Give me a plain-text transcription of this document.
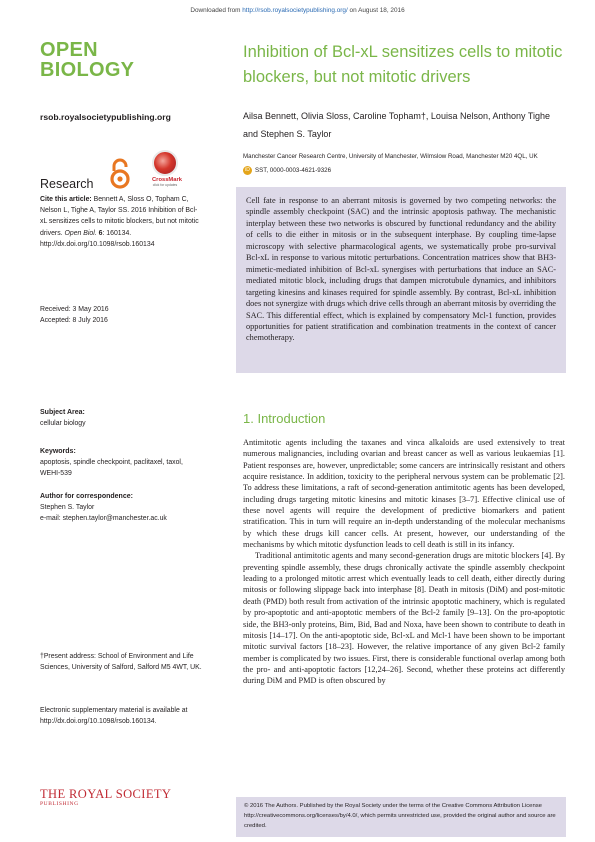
Downloaded from http://rsob.royalsocietypublishing.org/ on August 18, 2016
OPEN
BIOLOGY
rsob.royalsocietypublishing.org
Research	CrossMark
click for updates
Cite this article: Bennett A, Sloss O, Topham C, Nelson L, Tighe A, Taylor SS. 2016 Inhibition of Bcl-xL sensitizes cells to mitotic blockers, but not mitotic drivers. Open Biol. 6: 160134.
http://dx.doi.org/10.1098/rsob.160134
Received: 3 May 2016
Accepted: 8 July 2016
Subject Area:
cellular biology
Keywords:
apoptosis, spindle checkpoint, paclitaxel, taxol, WEHI-539
Author for correspondence:
Stephen S. Taylor
e-mail: stephen.taylor@manchester.ac.uk
†Present address: School of Environment and Life Sciences, University of Salford, Salford M5 4WT, UK.
Electronic supplementary material is available at http://dx.doi.org/10.1098/rsob.160134.
THE ROYAL SOCIETY
PUBLISHING
Inhibition of Bcl-xL sensitizes cells to mitotic blockers, but not mitotic drivers
Ailsa Bennett, Olivia Sloss, Caroline Topham†, Louisa Nelson, Anthony Tighe and Stephen S. Taylor
Manchester Cancer Research Centre, University of Manchester, Wilmslow Road, Manchester M20 4QL, UK
iD SST, 0000-0003-4621-9326

Cell fate in response to an aberrant mitosis is governed by two competing networks: the spindle assembly checkpoint (SAC) and the intrinsic apoptosis pathway. The mechanistic interplay between these two networks is obscured by functional redundancy and the ability of cells to die either in mitosis or in the subsequent interphase. By coupling time-lapse microscopy with selective pharmacological agents, we systematically probe pro-survival Bcl-xL in response to various mitotic perturbations. Concentration matrices show that BH3-mimetic-mediated inhibition of Bcl-xL synergises with perturbations that induce an SAC-mediated mitotic block, including drugs that dampen microtubule dynamics, and inhibitors targeting kinesins and kinases required for spindle assembly. By contrast, Bcl-xL inhibition does not synergize with drugs which drive cells through an aberrant mitosis by overriding the SAC. This differential effect, which is explained by compensatory Mcl-1 function, provides opportunities for patient stratification and combination treatments in the context of cancer chemotherapy.

1. Introduction

Antimitotic agents including the taxanes and vinca alkaloids are used extensively to treat numerous malignancies, including ovarian and breast cancer as well as various leukaemias [1]. Patient responses are, however, unpredictable; some cancers are intrinsically resistant and others acquire resistance. In addition, toxicity to the peripheral nervous system can be problematic [2]. To address these limitations, a raft of second-generation antimitotic agents has been developed, including drugs targeting mitotic kinesins and mitotic kinases [3–7]. Effective clinical use of these novel agents will require the development of predictive biomarkers and patient stratification. This in turn will require an in-depth understanding of the molecular mechanisms by which these drugs kill cancer cells. At present, however, our understanding of the mechanisms by which mitotic dysfunction leads to cell death is still in its infancy.

Traditional antimitotic agents and many second-generation drugs are mitotic blockers [4]. By preventing spindle assembly, these drugs chronically activate the spindle assembly checkpoint leading to a prolonged mitotic arrest which eventually leads to cell death, either directly during mitosis or following slippage back into interphase [8]. Death in mitosis (DiM) and post-mitotic death (PMD) both result from activation of the intrinsic apoptotic machinery, which is regulated by pro-apoptotic and anti-apoptotic members of the Bcl-2 family [9–13]. On the pro-apoptotic side, the BH3-only proteins, Bim, Bid, Bad and Noxa, have been shown to contribute to death in mitosis [14–17]. On the anti-apoptotic side, Bcl-xL and Mcl-1 have been shown to be important mitotic survival factors [18–23]. However, the relative importance of any given Bcl-2 family member is complicated by two issues. First, there is considerable functional overlap among both the pro- and anti-apoptotic factors [12,24–26]. Second, whether these proteins act differently during DiM and PMD is often obscured by

© 2016 The Authors. Published by the Royal Society under the terms of the Creative Commons Attribution License http://creativecommons.org/licenses/by/4.0/, which permits unrestricted use, provided the original author and source are credited.
